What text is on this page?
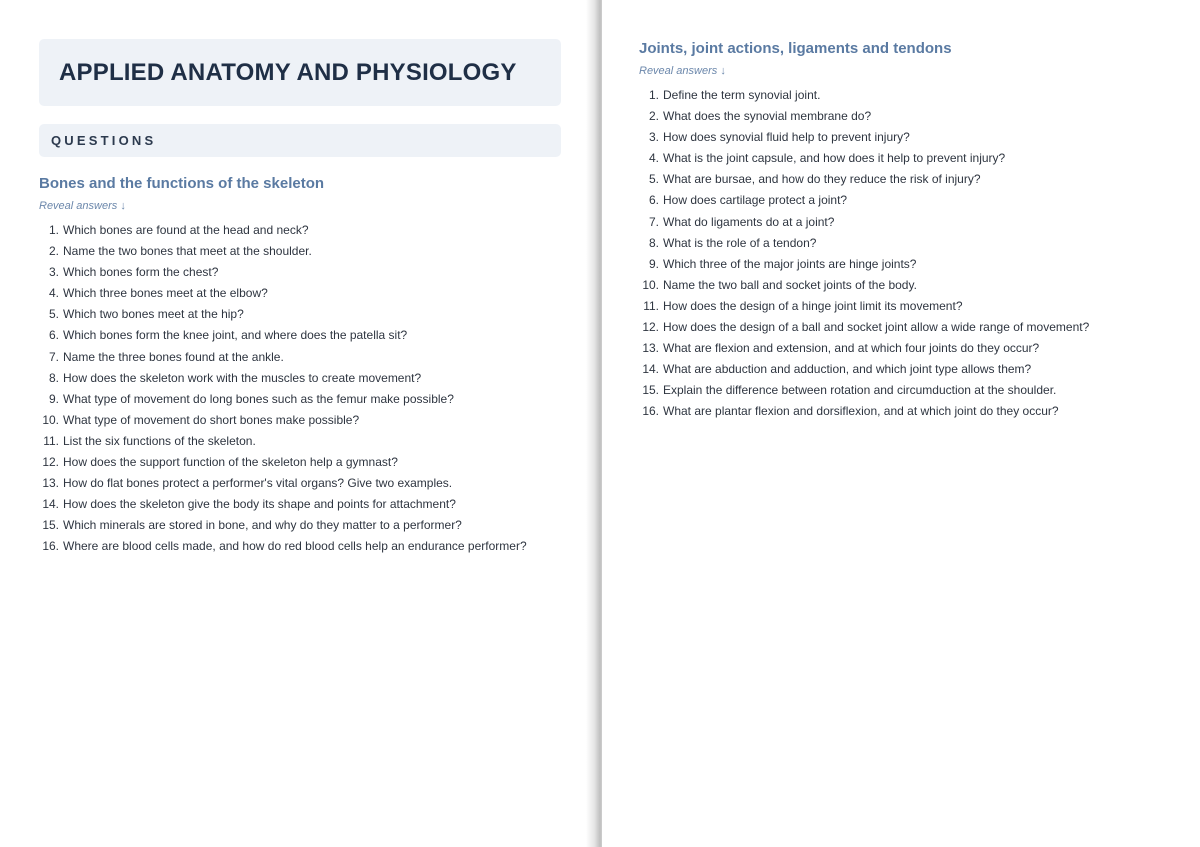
APPLIED ANATOMY AND PHYSIOLOGY
QUESTIONS
Bones and the functions of the skeleton
Reveal answers ↓
1. Which bones are found at the head and neck?
2. Name the two bones that meet at the shoulder.
3. Which bones form the chest?
4. Which three bones meet at the elbow?
5. Which two bones meet at the hip?
6. Which bones form the knee joint, and where does the patella sit?
7. Name the three bones found at the ankle.
8. How does the skeleton work with the muscles to create movement?
9. What type of movement do long bones such as the femur make possible?
10. What type of movement do short bones make possible?
11. List the six functions of the skeleton.
12. How does the support function of the skeleton help a gymnast?
13. How do flat bones protect a performer's vital organs? Give two examples.
14. How does the skeleton give the body its shape and points for attachment?
15. Which minerals are stored in bone, and why do they matter to a performer?
16. Where are blood cells made, and how do red blood cells help an endurance performer?
Joints, joint actions, ligaments and tendons
Reveal answers ↓
1. Define the term synovial joint.
2. What does the synovial membrane do?
3. How does synovial fluid help to prevent injury?
4. What is the joint capsule, and how does it help to prevent injury?
5. What are bursae, and how do they reduce the risk of injury?
6. How does cartilage protect a joint?
7. What do ligaments do at a joint?
8. What is the role of a tendon?
9. Which three of the major joints are hinge joints?
10. Name the two ball and socket joints of the body.
11. How does the design of a hinge joint limit its movement?
12. How does the design of a ball and socket joint allow a wide range of movement?
13. What are flexion and extension, and at which four joints do they occur?
14. What are abduction and adduction, and which joint type allows them?
15. Explain the difference between rotation and circumduction at the shoulder.
16. What are plantar flexion and dorsiflexion, and at which joint do they occur?
